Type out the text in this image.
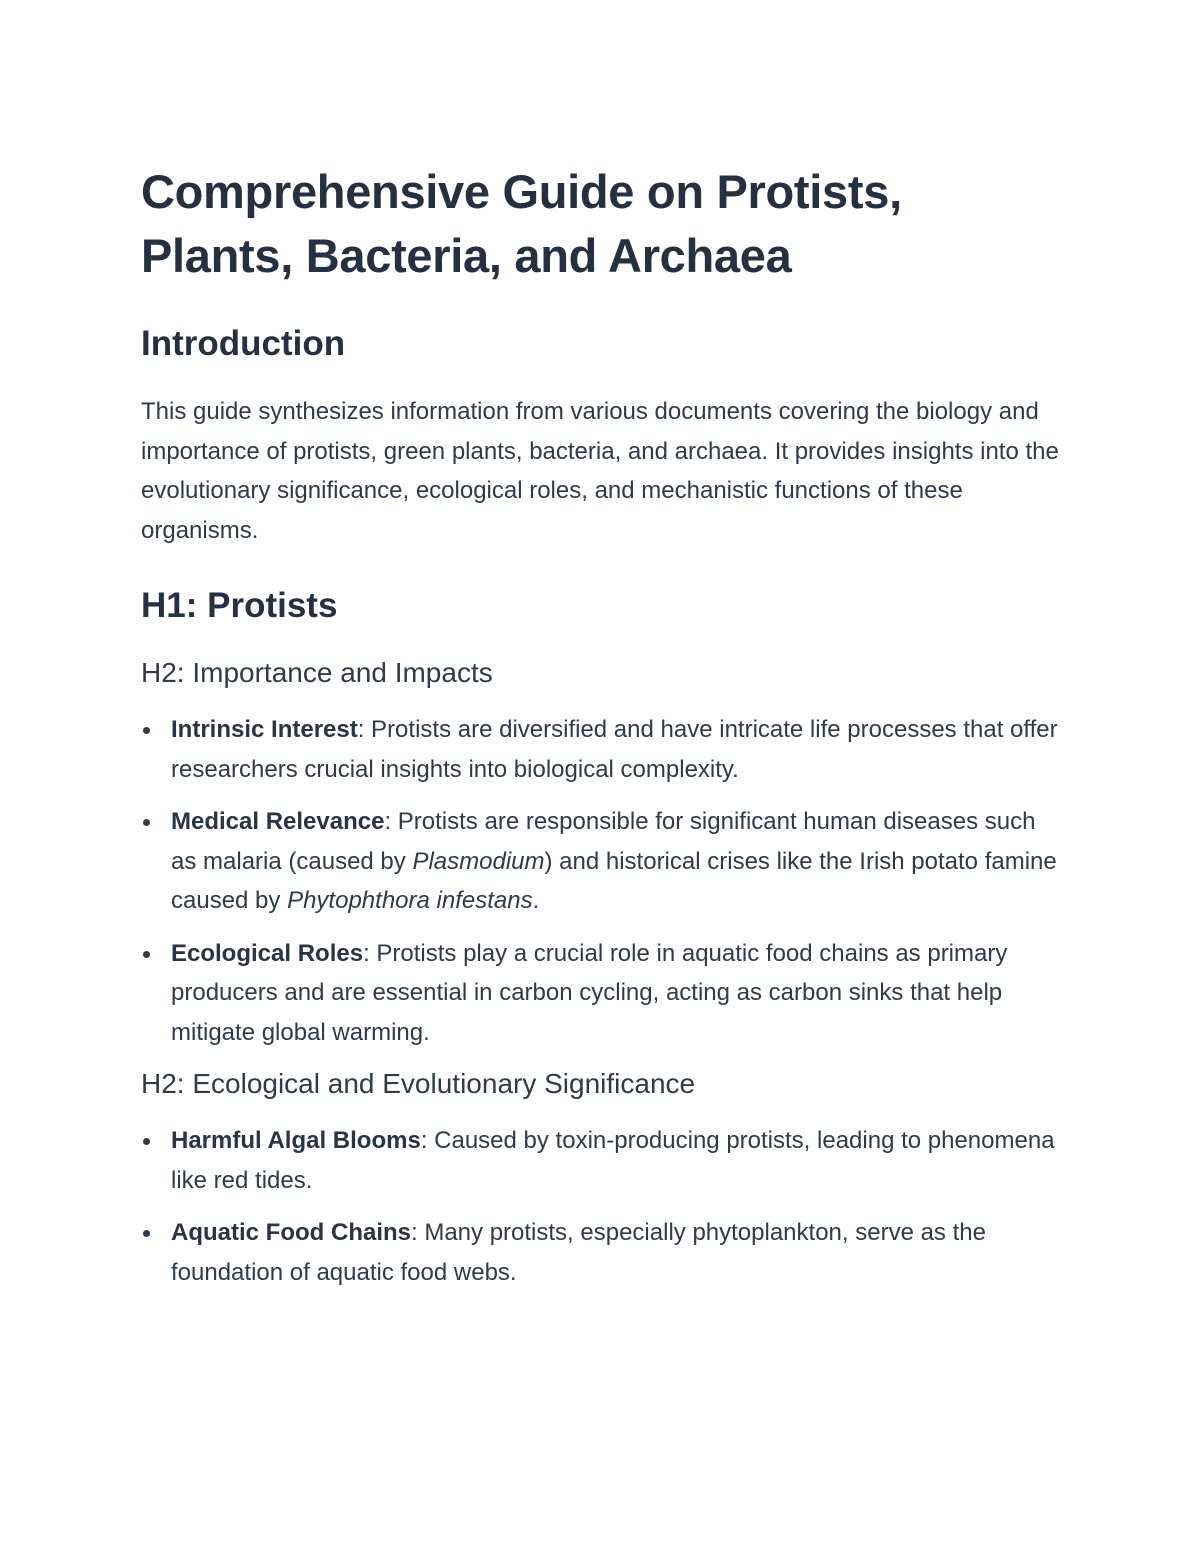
Comprehensive Guide on Protists, Plants, Bacteria, and Archaea
Introduction

This guide synthesizes information from various documents covering the biology and importance of protists, green plants, bacteria, and archaea. It provides insights into the evolutionary significance, ecological roles, and mechanistic functions of these organisms.

H1: Protists
H2: Importance and Impacts
Intrinsic Interest: Protists are diversified and have intricate life processes that offer researchers crucial insights into biological complexity.
Medical Relevance: Protists are responsible for significant human diseases such as malaria (caused by Plasmodium) and historical crises like the Irish potato famine caused by Phytophthora infestans.
Ecological Roles: Protists play a crucial role in aquatic food chains as primary producers and are essential in carbon cycling, acting as carbon sinks that help mitigate global warming.
H2: Ecological and Evolutionary Significance
Harmful Algal Blooms: Caused by toxin-producing protists, leading to phenomena like red tides.
Aquatic Food Chains: Many protists, especially phytoplankton, serve as the foundation of aquatic food webs.
